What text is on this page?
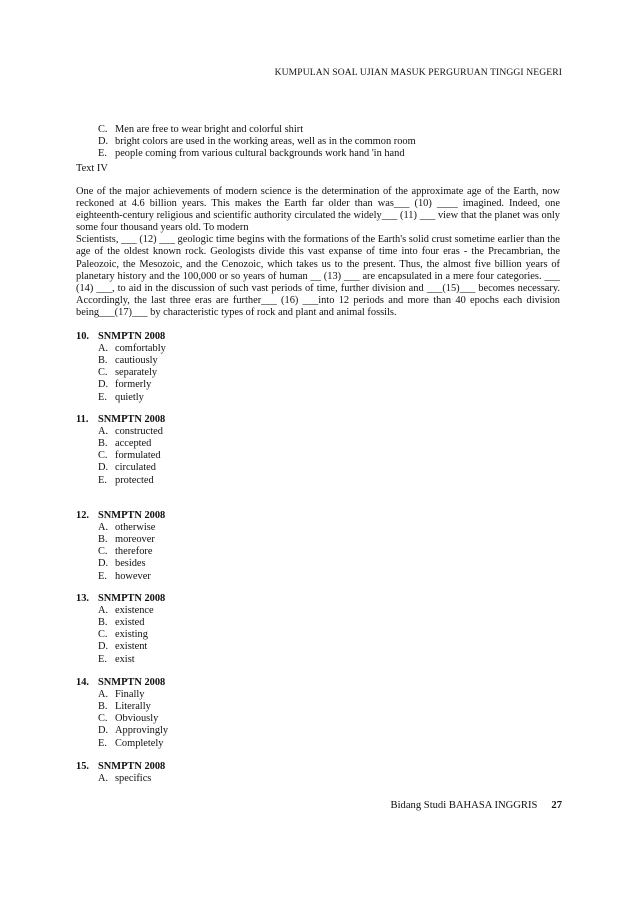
KUMPULAN SOAL UJIAN MASUK PERGURUAN TINGGI NEGERI
C. Men are free to wear bright and colorful shirt
D. bright colors are used in the working areas, well as in the common room
E. people coming from various cultural backgrounds work hand 'in hand
Text IV

One of the major achievements of modern science is the determination of the approximate age of the Earth, now reckoned at 4.6 billion years. This makes the Earth far older than was___ (10) ____ imagined. Indeed, one eighteenth-century religious and scientific authority circulated the widely___ (11) ___ view that the planet was only some four thousand years old. To modern

Scientists, ___ (12) ___ geologic time begins with the formations of the Earth's solid crust sometime earlier than the age of the oldest known rock. Geologists divide this vast expanse of time into four eras - the Precambrian, the Paleozoic, the Mesozoic, and the Cenozoic, which takes us to the present. Thus, the almost five billion years of planetary history and the 100,000 or so years of human __ (13) ___ are encapsulated in a mere four categories. ___ (14) ___, to aid in the discussion of such vast periods of time, further division and ___(15)___ becomes necessary. Accordingly, the last three eras are further___ (16) ___into 12 periods and more than 40 epochs each division being___(17)___ by characteristic types of rock and plant and animal fossils.

10. SNMPTN 2008
A. comfortably
B. cautiously
C. separately
D. formerly
E. quietly
11. SNMPTN 2008
A. constructed
B. accepted
C. formulated
D. circulated
E. protected
12. SNMPTN 2008
A. otherwise
B. moreover
C. therefore
D. besides
E. however
13. SNMPTN 2008
A. existence
B. existed
C. existing
D. existent
E. exist
14. SNMPTN 2008
A. Finally
B. Literally
C. Obviously
D. Approvingly
E. Completely
15. SNMPTN 2008
A. specifics
Bidang Studi BAHASA INGGRIS 27
